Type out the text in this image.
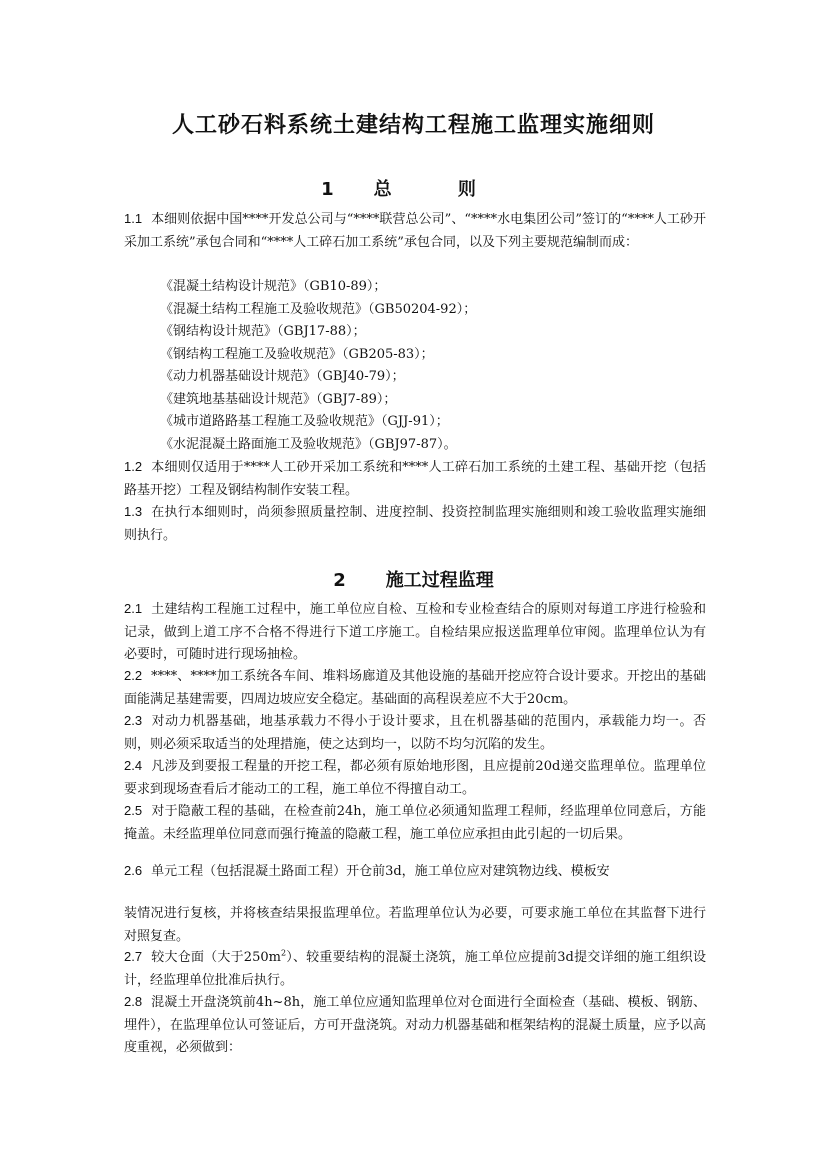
人工砂石料系统土建结构工程施工监理实施细则
1 总 则

1.1 本细则依据中国****开发总公司与“****联营总公司”、“****水电集团公司”签订的“****人工砂开采加工系统”承包合同和“****人工碎石加工系统”承包合同，以及下列主要规范编制而成：

《混凝土结构设计规范》（GB10-89）；
《混凝土结构工程施工及验收规范》（GB50204-92）；
《钢结构设计规范》（GBJ17-88）；
《钢结构工程施工及验收规范》（GB205-83）；
《动力机器基础设计规范》（GBJ40-79）；
《建筑地基基础设计规范》（GBJ7-89）；
《城市道路路基工程施工及验收规范》（GJJ-91）；
《水泥混凝土路面施工及验收规范》（GBJ97-87）。

1.2 本细则仅适用于****人工砂开采加工系统和****人工碎石加工系统的土建工程、基础开挖（包括路基开挖）工程及钢结构制作安装工程。

1.3 在执行本细则时，尚须参照质量控制、进度控制、投资控制监理实施细则和竣工验收监理实施细则执行。

2 施工过程监理

2.1 土建结构工程施工过程中，施工单位应自检、互检和专业检查结合的原则对每道工序进行检验和记录，做到上道工序不合格不得进行下道工序施工。自检结果应报送监理单位审阅。监理单位认为有必要时，可随时进行现场抽检。

2.2 ****、****加工系统各车间、堆料场廊道及其他设施的基础开挖应符合设计要求。开挖出的基础面能满足基建需要，四周边坡应安全稳定。基础面的高程误差应不大于20cm。

2.3 对动力机器基础，地基承载力不得小于设计要求，且在机器基础的范围内，承载能力均一。否则，则必须采取适当的处理措施，使之达到均一，以防不均匀沉陷的发生。

2.4 凡涉及到要报工程量的开挖工程，都必须有原始地形图，且应提前20d递交监理单位。监理单位要求到现场查看后才能动工的工程，施工单位不得擅自动工。

2.5 对于隐蔽工程的基础，在检查前24h，施工单位必须通知监理工程师，经监理单位同意后，方能掩盖。未经监理单位同意而强行掩盖的隐蔽工程，施工单位应承担由此引起的一切后果。

2.6 单元工程（包括混凝土路面工程）开仓前3d，施工单位应对建筑物边线、模板安

装情况进行复核，并将核查结果报监理单位。若监理单位认为必要，可要求施工单位在其监督下进行对照复查。

2.7 较大仓面（大于$250m^2$）、较重要结构的混凝土浇筑，施工单位应提前3d提交详细的施工组织设计，经监理单位批准后执行。

2.8 混凝土开盘浇筑前4h~8h，施工单位应通知监理单位对仓面进行全面检查（基础、模板、钢筋、埋件），在监理单位认可签证后，方可开盘浇筑。对动力机器基础和框架结构的混凝土质量，应予以高度重视，必须做到：
